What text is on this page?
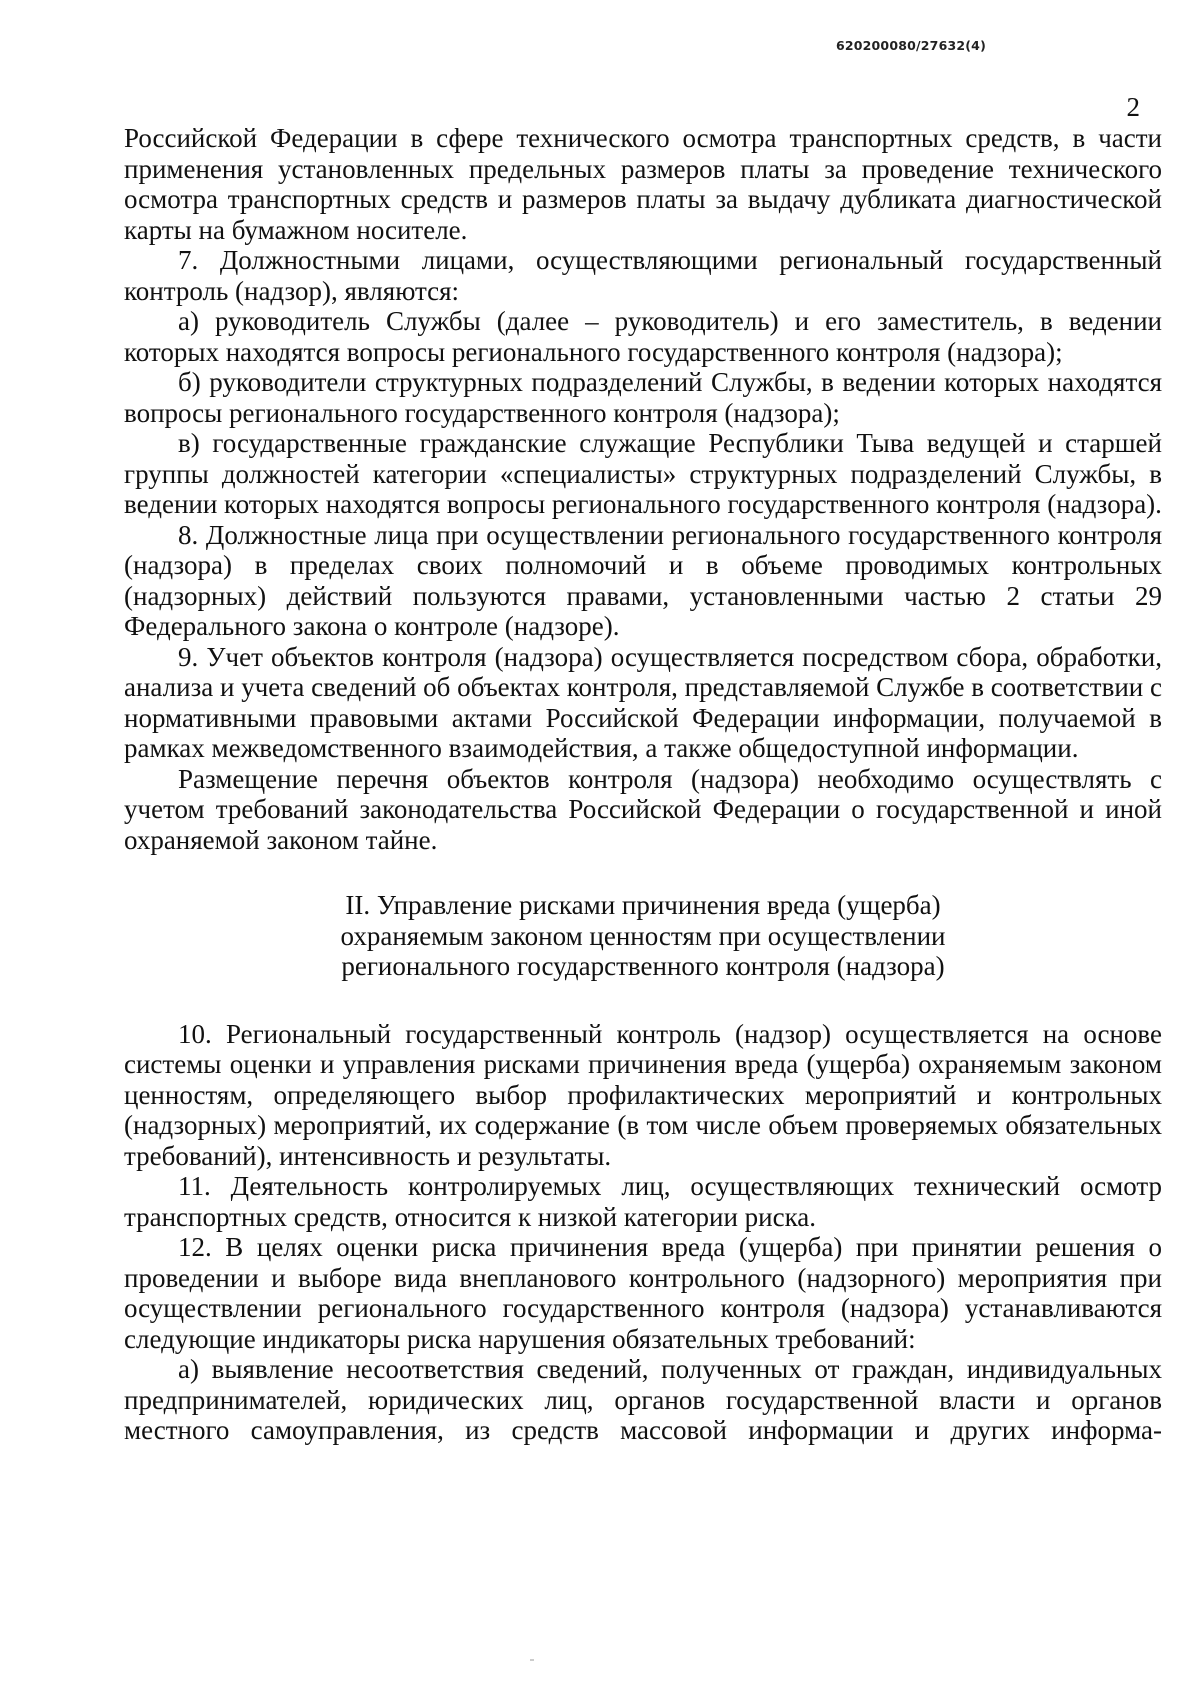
620200080/27632(4)
2

Российской Федерации в сфере технического осмотра транспортных средств, в части применения установленных предельных размеров платы за проведение технического осмотра транспортных средств и размеров платы за выдачу дубликата диагностической карты на бумажном носителе.

7. Должностными лицами, осуществляющими региональный государственный контроль (надзор), являются:

а) руководитель Службы (далее – руководитель) и его заместитель, в ведении которых находятся вопросы регионального государственного контроля (надзора);

б) руководители структурных подразделений Службы, в ведении которых находятся вопросы регионального государственного контроля (надзора);

в) государственные гражданские служащие Республики Тыва ведущей и старшей группы должностей категории «специалисты» структурных подразделений Службы, в ведении которых находятся вопросы регионального государственного контроля (надзора).

8. Должностные лица при осуществлении регионального государственного контроля (надзора) в пределах своих полномочий и в объеме проводимых контрольных (надзорных) действий пользуются правами, установленными частью 2 статьи 29 Федерального закона о контроле (надзоре).

9. Учет объектов контроля (надзора) осуществляется посредством сбора, обработки, анализа и учета сведений об объектах контроля, представляемой Службе в соответствии с нормативными правовыми актами Российской Федерации информации, получаемой в рамках межведомственного взаимодействия, а также общедоступной информации.

Размещение перечня объектов контроля (надзора) необходимо осуществлять с учетом требований законодательства Российской Федерации о государственной и иной охраняемой законом тайне.

II. Управление рисками причинения вреда (ущерба)
охраняемым законом ценностям при осуществлении
регионального государственного контроля (надзора)

10. Региональный государственный контроль (надзор) осуществляется на основе системы оценки и управления рисками причинения вреда (ущерба) охраняемым законом ценностям, определяющего выбор профилактических мероприятий и контрольных (надзорных) мероприятий, их содержание (в том числе объем проверяемых обязательных требований), интенсивность и результаты.

11. Деятельность контролируемых лиц, осуществляющих технический осмотр транспортных средств, относится к низкой категории риска.

12. В целях оценки риска причинения вреда (ущерба) при принятии решения о проведении и выборе вида внепланового контрольного (надзорного) мероприятия при осуществлении регионального государственного контроля (надзора) устанавливаются следующие индикаторы риска нарушения обязательных требований:

а) выявление несоответствия сведений, полученных от граждан, индивидуальных предпринимателей, юридических лиц, органов государственной власти и органов местного самоуправления, из средств массовой информации и других информа-
